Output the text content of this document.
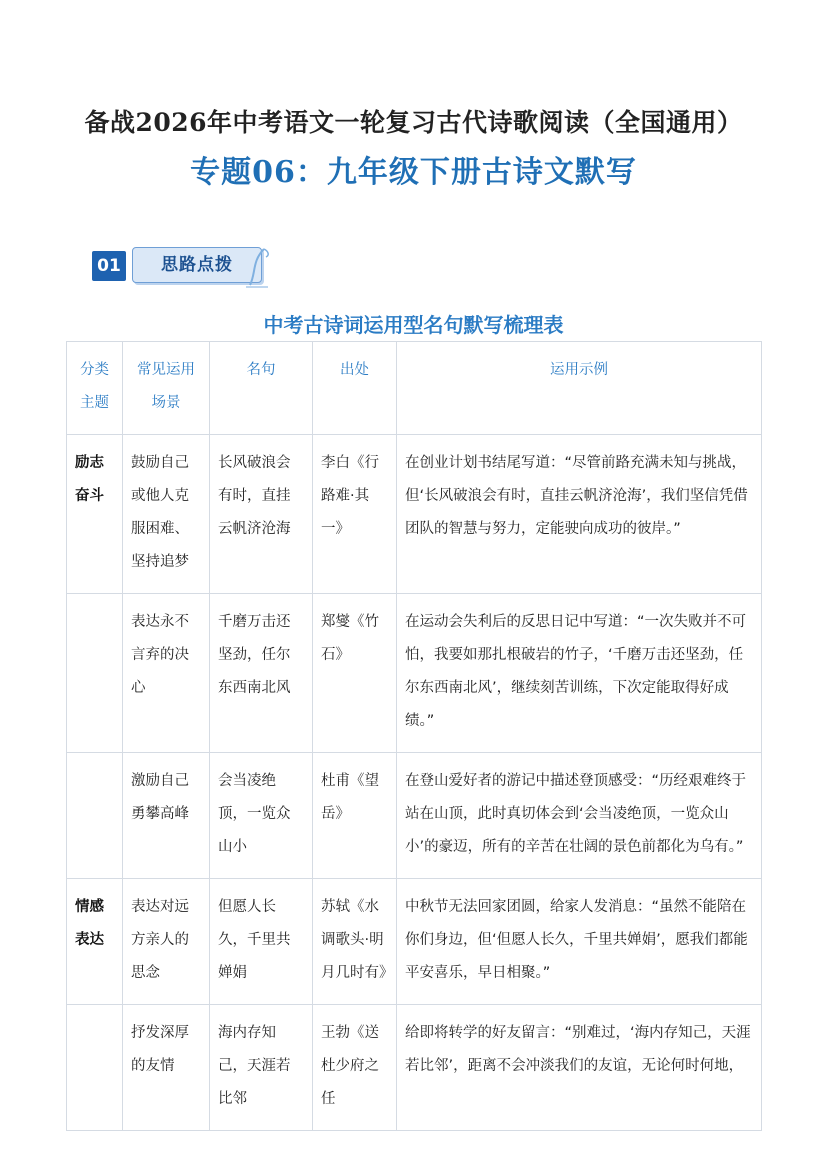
备战2026年中考语文一轮复习古代诗歌阅读（全国通用）
专题06：九年级下册古诗文默写
01	思路点拨
中考古诗词运用型名句默写梳理表
分类主题	常见运用场景	名句	出处	运用示例
励志奋斗	鼓励自己或他人克服困难、坚持追梦	长风破浪会有时，直挂云帆济沧海	李白《行路难·其一》	在创业计划书结尾写道：“尽管前路充满未知与挑战，但‘长风破浪会有时，直挂云帆济沧海’，我们坚信凭借团队的智慧与努力，定能驶向成功的彼岸。”
	表达永不言弃的决心	千磨万击还坚劲，任尔东西南北风	郑燮《竹石》	在运动会失利后的反思日记中写道：“一次失败并不可怕，我要如那扎根破岩的竹子，‘千磨万击还坚劲，任尔东西南北风’，继续刻苦训练，下次定能取得好成绩。”
	激励自己勇攀高峰	会当凌绝顶，一览众山小	杜甫《望岳》	在登山爱好者的游记中描述登顶感受：“历经艰难终于站在山顶，此时真切体会到‘会当凌绝顶，一览众山小’的豪迈，所有的辛苦在壮阔的景色前都化为乌有。”
情感表达	表达对远方亲人的思念	但愿人长久，千里共婵娟	苏轼《水调歌头·明月几时有》	中秋节无法回家团圆，给家人发消息：“虽然不能陪在你们身边，但‘但愿人长久，千里共婵娟’，愿我们都能平安喜乐，早日相聚。”
	抒发深厚的友情	海内存知己，天涯若比邻	王勃《送杜少府之任	给即将转学的好友留言：“别难过，‘海内存知己，天涯若比邻’，距离不会冲淡我们的友谊，无论何时何地，
